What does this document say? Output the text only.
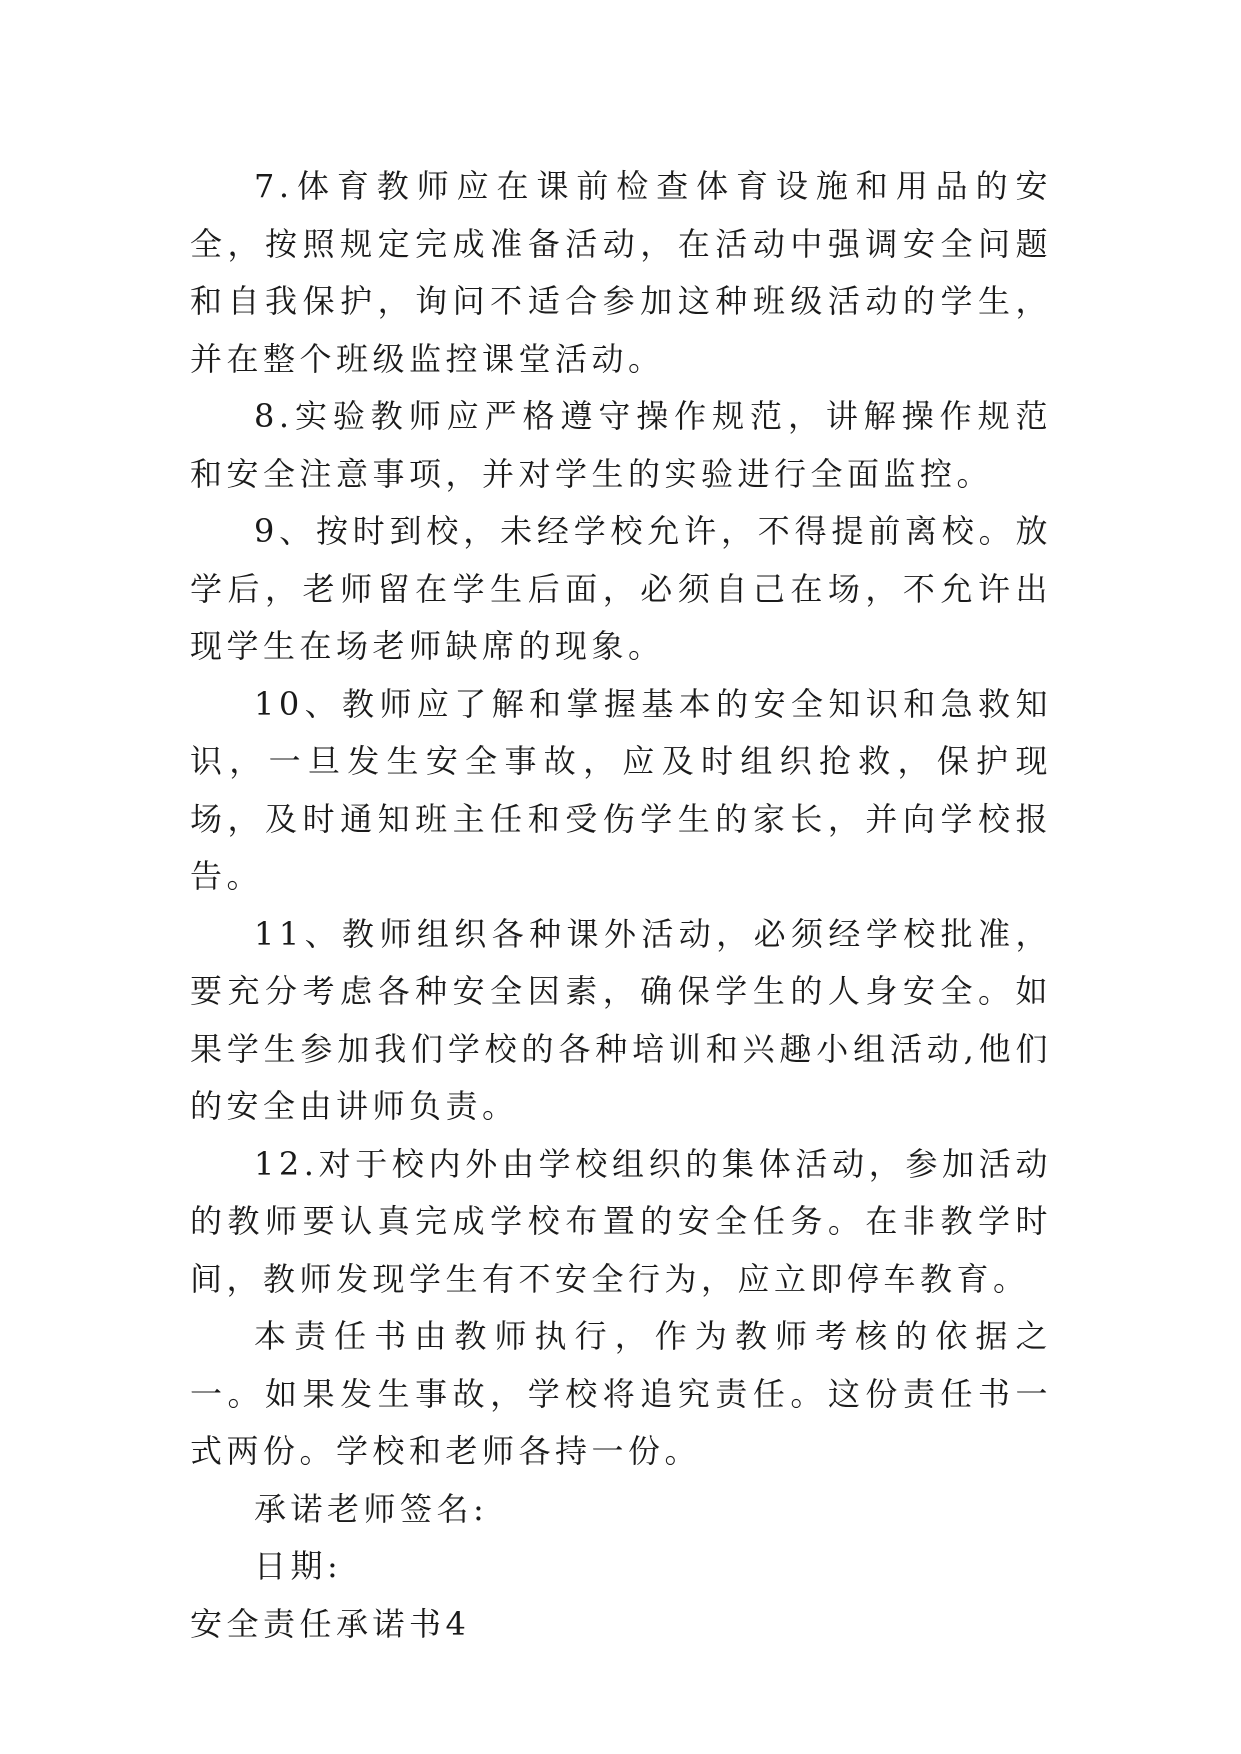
7.体育教师应在课前检查体育设施和用品的安全，按照规定完成准备活动，在活动中强调安全问题和自我保护，询问不适合参加这种班级活动的学生，并在整个班级监控课堂活动。

8.实验教师应严格遵守操作规范，讲解操作规范和安全注意事项，并对学生的实验进行全面监控。

9、按时到校，未经学校允许，不得提前离校。放学后，老师留在学生后面，必须自己在场，不允许出现学生在场老师缺席的现象。

10、教师应了解和掌握基本的安全知识和急救知识，一旦发生安全事故，应及时组织抢救，保护现场，及时通知班主任和受伤学生的家长，并向学校报告。

11、教师组织各种课外活动，必须经学校批准，要充分考虑各种安全因素，确保学生的人身安全。如果学生参加我们学校的各种培训和兴趣小组活动,他们的安全由讲师负责。

12.对于校内外由学校组织的集体活动，参加活动的教师要认真完成学校布置的安全任务。在非教学时间，教师发现学生有不安全行为，应立即停车教育。

本责任书由教师执行，作为教师考核的依据之一。如果发生事故，学校将追究责任。这份责任书一式两份。学校和老师各持一份。

承诺老师签名:

日期:

安全责任承诺书4
